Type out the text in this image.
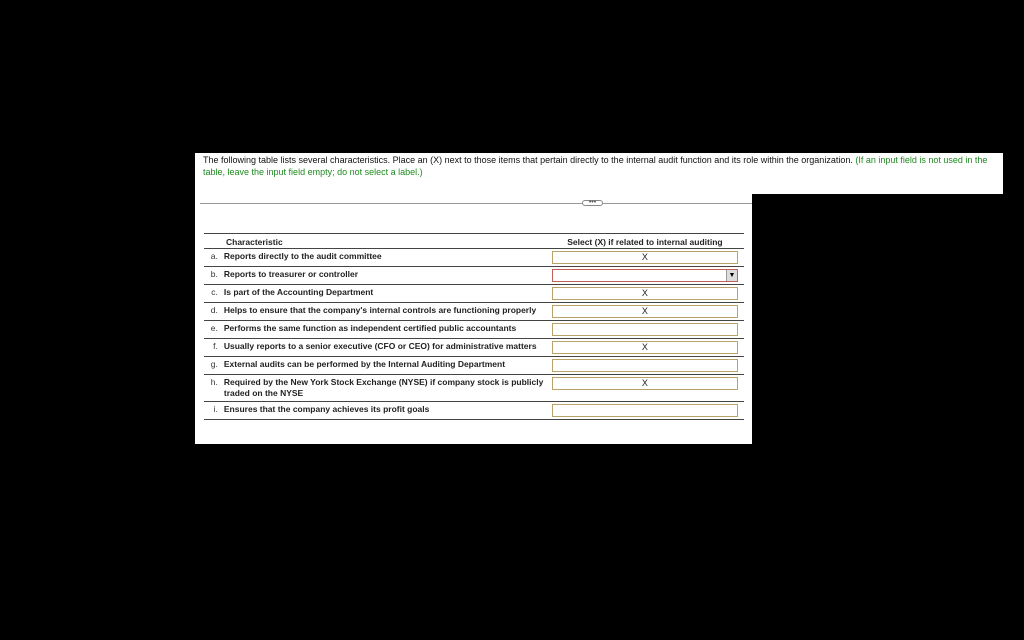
The following table lists several characteristics. Place an (X) next to those items that pertain directly to the internal audit function and its role within the organization. (If an input field is not used in the table, leave the input field empty; do not select a label.)
•••
Characteristic		Select (X) if related to internal auditing
a.	Reports directly to the audit committee	X

b.	Reports to treasurer or controller	▼

c.	Is part of the Accounting Department	X

d.	Helps to ensure that the company's internal controls are functioning properly	X

e.	Performs the same function as independent certified public accountants	

f.	Usually reports to a senior executive (CFO or CEO) for administrative matters	X

g.	External audits can be performed by the Internal Auditing Department	

h.	Required by the New York Stock Exchange (NYSE) if company stock is publicly traded on the NYSE	X

i.	Ensures that the company achieves its profit goals	
